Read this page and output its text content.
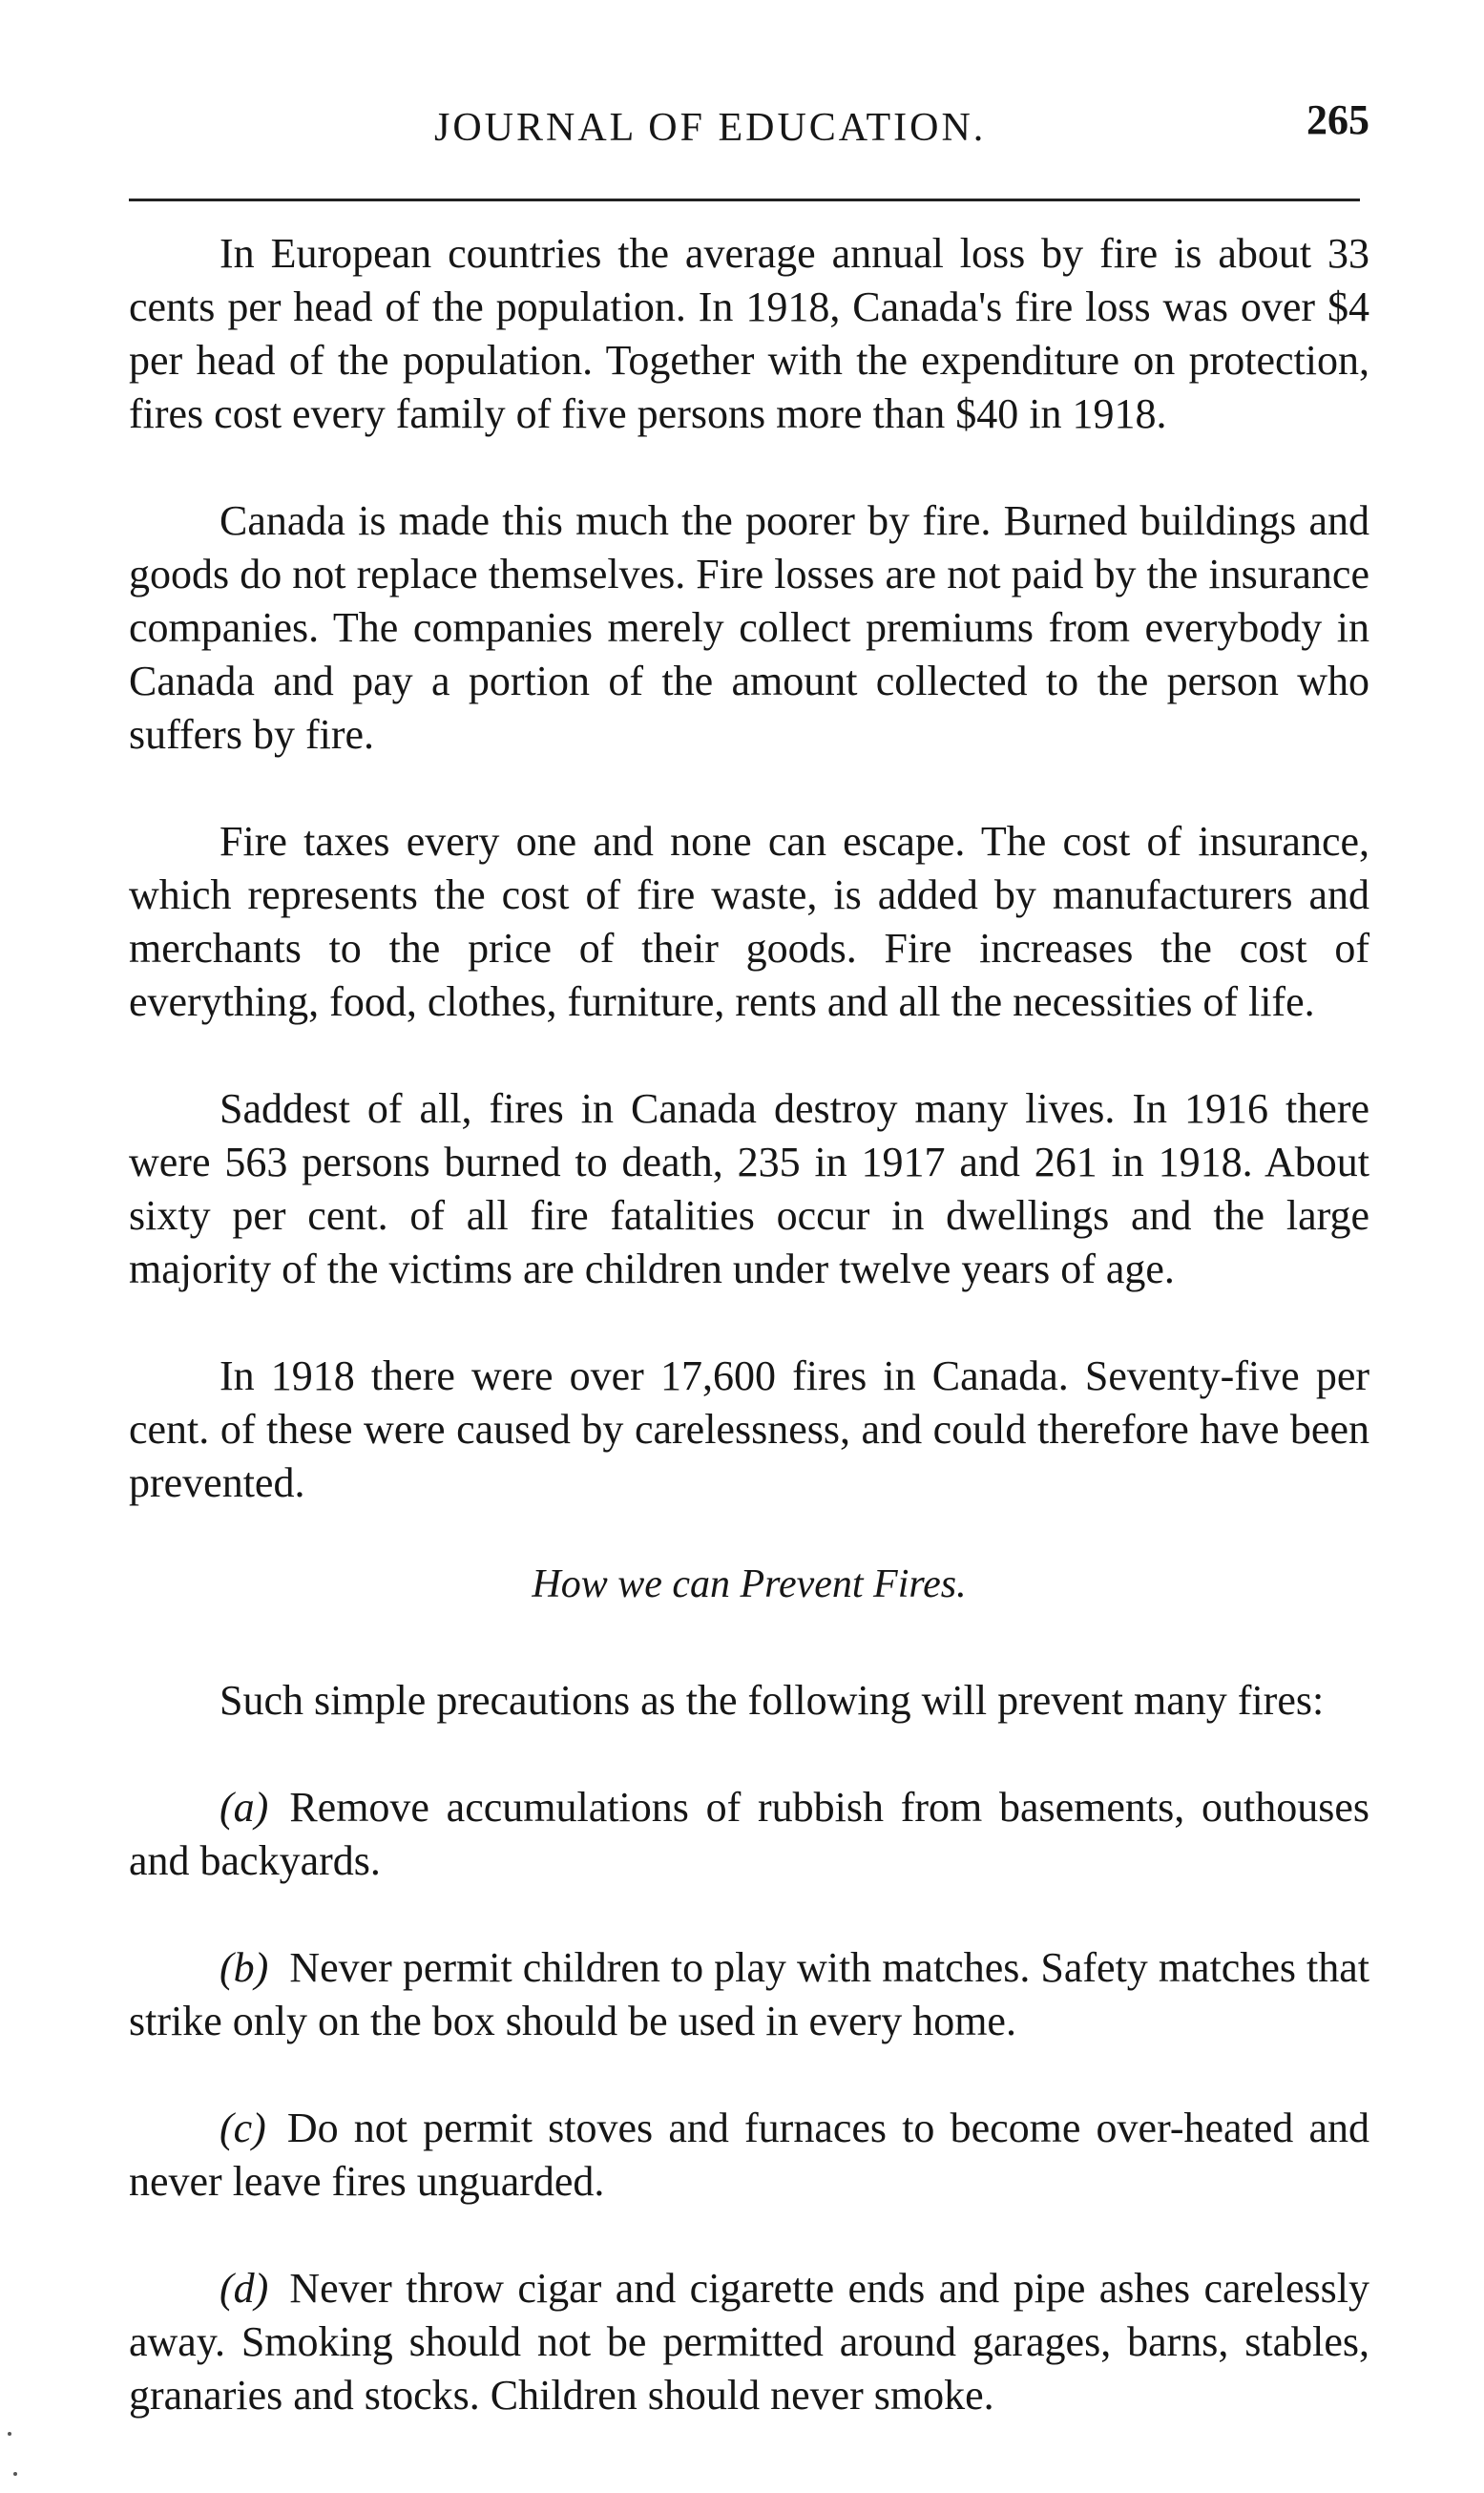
JOURNAL OF EDUCATION.	265

In European countries the average annual loss by fire is about 33 cents per head of the population. In 1918, Canada's fire loss was over $4 per head of the population. Together with the expenditure on protection, fires cost every family of five persons more than $40 in 1918.

Canada is made this much the poorer by fire. Burned buildings and goods do not replace themselves. Fire losses are not paid by the insurance companies. The companies merely collect premiums from everybody in Canada and pay a portion of the amount collected to the person who suffers by fire.

Fire taxes every one and none can escape. The cost of insurance, which represents the cost of fire waste, is added by manufacturers and merchants to the price of their goods. Fire increases the cost of everything, food, clothes, furniture, rents and all the necessities of life.

Saddest of all, fires in Canada destroy many lives. In 1916 there were 563 persons burned to death, 235 in 1917 and 261 in 1918. About sixty per cent. of all fire fatalities occur in dwellings and the large majority of the victims are children under twelve years of age.

In 1918 there were over 17,600 fires in Canada. Seventy-five per cent. of these were caused by carelessness, and could therefore have been prevented.

How we can Prevent Fires.

Such simple precautions as the following will prevent many fires:

(a) Remove accumulations of rubbish from basements, outhouses and backyards.

(b) Never permit children to play with matches. Safety matches that strike only on the box should be used in every home.

(c) Do not permit stoves and furnaces to become over-heated and never leave fires unguarded.

(d) Never throw cigar and cigarette ends and pipe ashes carelessly away. Smoking should not be permitted around garages, barns, stables, granaries and stocks. Children should never smoke.
